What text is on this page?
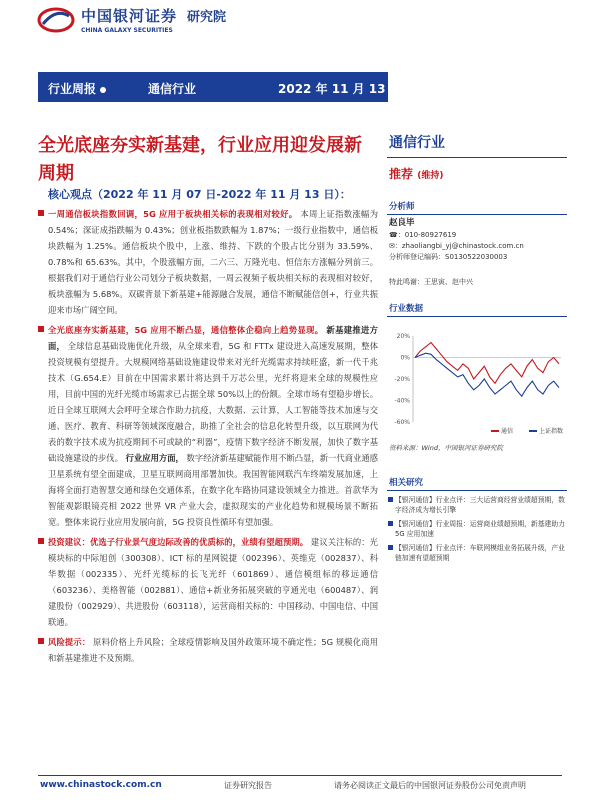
中国银河证券
CHINA GALAXY SECURITIES
研究院
行业周报	通信行业	2022 年 11 月 13 日
全光底座夯实新基建，行业应用迎发展新周期
核心观点（2022 年 11 月 07 日-2022 年 11 月 13 日）：
一周通信板块指数回调，5G 应用于板块相关标的表现相对较好。 本周上证指数涨幅为 0.54%；深证成指跌幅为 0.43%；创业板指数跌幅为 1.87%；一级行业指数中，通信板块跌幅为 1.25%。通信板块个股中，上涨、维持、下跌的个股占比分别为 33.59%、0.78%和 65.63%。其中，个股涨幅方面，二六三、万隆光电、恒信东方涨幅分列前三。根据我们对于通信行业公司划分子板块数据，一周云视频子板块相关标的表现相对较好，板块涨幅为 5.68%。双碳背景下新基建+能源融合发展，通信不断赋能信创+，行业共振迎来市场广阔空间。
全光底座夯实新基建，5G 应用不断凸显，通信整体企稳向上趋势显现。 新基建推进方面， 全球信息基础设施优化升级，从全球来看，5G 和 FTTx 建设进入高速发展期，整体投资规模有望提升。大规模网络基础设施建设带来对光纤光缆需求持续旺盛，新一代千兆技术（G.654.E）目前在中国需求累计将达到千万芯公里，光纤将迎来全球的规模性应用，目前中国的光纤光缆市场需求已占据全球 50%以上的份额。全球市场有望稳步增长。近日全球互联网大会呼吁全球合作助力抗疫，大数据、云计算，人工智能等技术加速与交通、医疗、教育、科研等领域深度融合，助推了全社会的信息化转型升级，以互联网为代表的数字技术成为抗疫期间不可或缺的“利器”，疫情下数字经济不断发展，加快了数字基础设施建设的步伐。 行业应用方面， 数字经济新基建赋能作用不断凸显，新一代商业通感卫星系统有望全面建成，卫星互联网商用部署加快。我国智能网联汽车终端发展加速，上海将全面打造智慧交通和绿色交通体系，在数字化车路协同建设领域全力推进。首款华为智能观影眼镜亮相 2022 世界 VR 产业大会，虚拟现实的产业化趋势和规模场景不断拓宽。整体来说行业应用发展向前，5G 投资良性循环有望加强。
投资建议：优选子行业景气度边际改善的优质标的，业绩有望超预期。 建议关注标的：光模块标的中际旭创（300308）、ICT 标的星网锐捷（002396）、英维克（002837）、科华数据（002335）、光纤光缆标的长飞光纤（601869）、通信模组标的移远通信（603236）、美格智能（002881）、通信+新业务拓展突破的亨通光电（600487）、润建股份（002929）、共进股份（603118），运营商相关标的：中国移动、中国电信、中国联通。
风险提示： 原料价格上升风险；全球疫情影响及国外政策环境不确定性；5G 规模化商用和新基建推进不及预期。
通信行业
推荐 (维持)
分析师
赵良毕
☎：010-80927619
✉：zhaoliangbi_yj@chinastock.com.cn
分析师登记编码：S0130522030003
特此鸣谢：王思寅、赵中兴
行业数据
20%
0%
-20%
-40%
-60%
通信	上证指数
资料来源：Wind，中国银河证券研究院
相关研究
【银河通信】行业点评：三大运营商经营业绩超预期，数字经济成为增长引擎
【银河通信】行业周报：运营商业绩超预期，新基建助力 5G 应用加速
【银河通信】行业点评：车联网模组业务拓展升级，产业链加速有望超预期
www.chinastock.com.cn	证券研究报告	请务必阅读正文最后的中国银河证券股份公司免责声明
